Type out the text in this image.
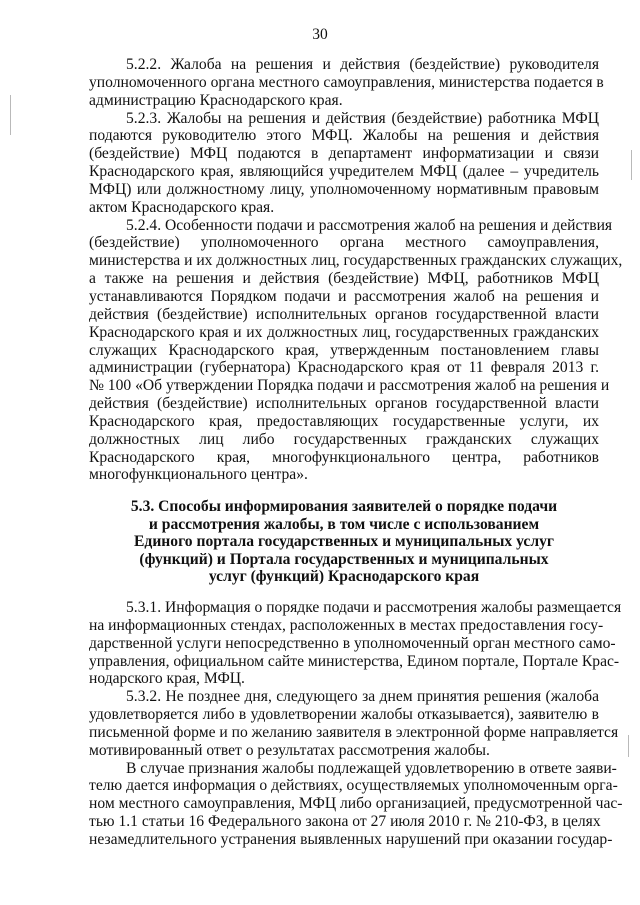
30
5.2.2. Жалоба на решения и действия (бездействие) руководителя
уполномоченного органа местного самоуправления, министерства подается в
администрацию Краснодарского края.
5.2.3. Жалобы на решения и действия (бездействие) работника МФЦ
подаются руководителю этого МФЦ. Жалобы на решения и действия
(бездействие) МФЦ подаются в департамент информатизации и связи
Краснодарского края, являющийся учредителем МФЦ (далее – учредитель
МФЦ) или должностному лицу, уполномоченному нормативным правовым
актом Краснодарского края.
5.2.4. Особенности подачи и рассмотрения жалоб на решения и действия
(бездействие) уполномоченного органа местного самоуправления,
министерства и их должностных лиц, государственных гражданских служащих,
а также на решения и действия (бездействие) МФЦ, работников МФЦ
устанавливаются Порядком подачи и рассмотрения жалоб на решения и
действия (бездействие) исполнительных органов государственной власти
Краснодарского края и их должностных лиц, государственных гражданских
служащих Краснодарского края, утвержденным постановлением главы
администрации (губернатора) Краснодарского края от 11 февраля 2013 г.
№ 100 «Об утверждении Порядка подачи и рассмотрения жалоб на решения и
действия (бездействие) исполнительных органов государственной власти
Краснодарского края, предоставляющих государственные услуги, их
должностных лиц либо государственных гражданских служащих
Краснодарского края, многофункционального центра, работников
многофункционального центра».
5.3. Способы информирования заявителей о порядке подачи
и рассмотрения жалобы, в том числе с использованием
Единого портала государственных и муниципальных услуг
(функций) и Портала государственных и муниципальных
услуг (функций) Краснодарского края
5.3.1. Информация о порядке подачи и рассмотрения жалобы размещается
на информационных стендах, расположенных в местах предоставления госу-
дарственной услуги непосредственно в уполномоченный орган местного само-
управления, официальном сайте министерства, Едином портале, Портале Крас-
нодарского края, МФЦ.
5.3.2. Не позднее дня, следующего за днем принятия решения (жалоба
удовлетворяется либо в удовлетворении жалобы отказывается), заявителю в
письменной форме и по желанию заявителя в электронной форме направляется
мотивированный ответ о результатах рассмотрения жалобы.
В случае признания жалобы подлежащей удовлетворению в ответе заяви-
телю дается информация о действиях, осуществляемых уполномоченным орга-
ном местного самоуправления, МФЦ либо организацией, предусмотренной час-
тью 1.1 статьи 16 Федерального закона от 27 июля 2010 г. № 210-ФЗ, в целях
незамедлительного устранения выявленных нарушений при оказании государ-
